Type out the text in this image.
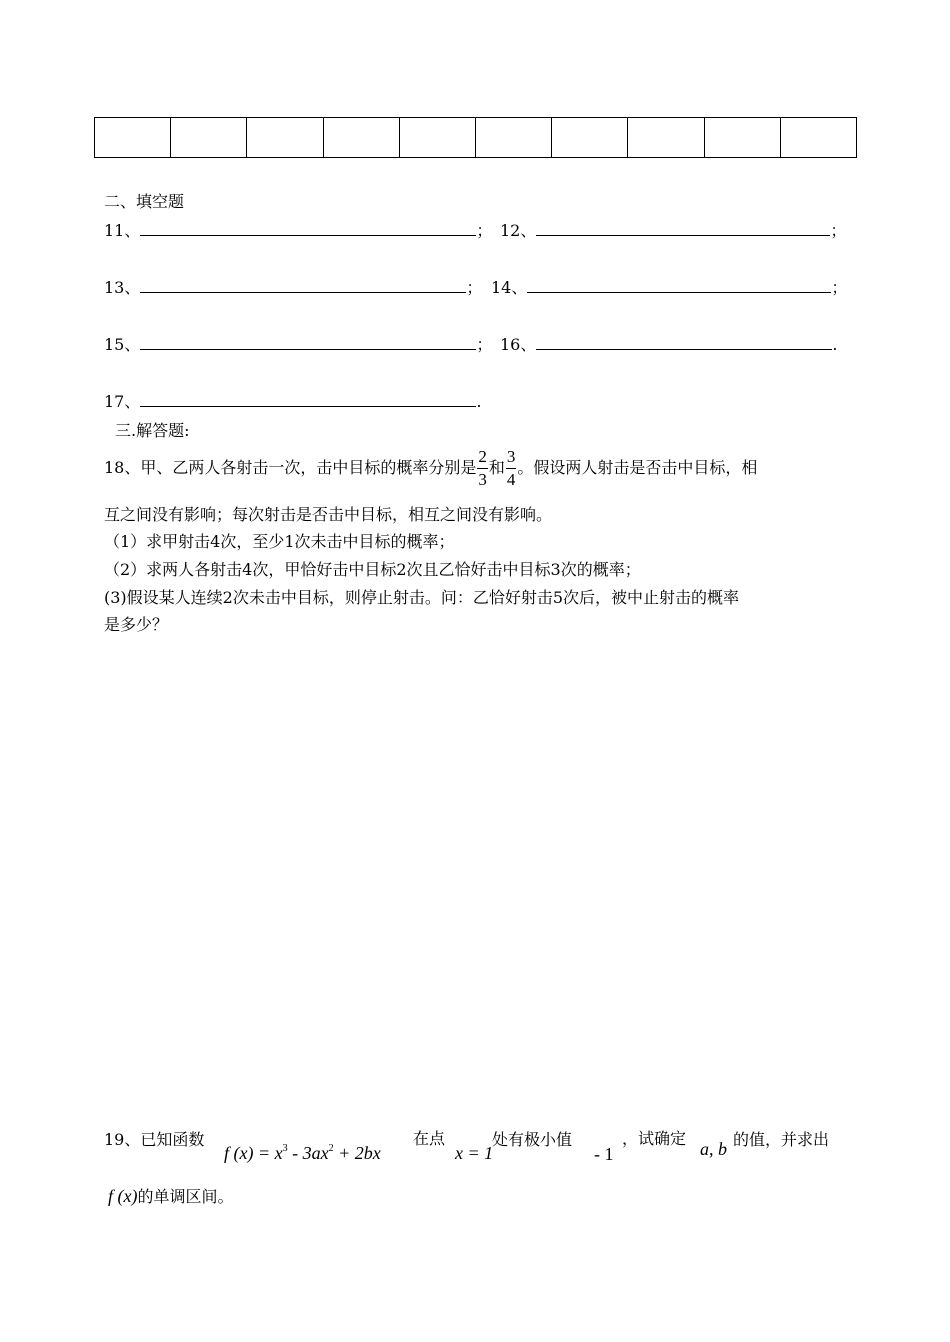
二、填空题
11、	； 12、	；
13、	； 14、	；
15、	； 16、	.
17、	.
三.解答题:
18、甲、乙两人各射击一次，击中目标的概率分别是 $\frac{2}{3}$ 和 $\frac{3}{4}$ 。假设两人射击是否击中目标，相
互之间没有影响；每次射击是否击中目标，相互之间没有影响。
（1）求甲射击4次，至少1次未击中目标的概率；
（2）求两人各射击4次，甲恰好击中目标2次且乙恰好击中目标3次的概率；
(3)假设某人连续2次未击中目标，则停止射击。问：乙恰好射击5次后，被中止射击的概率
是多少？
19、已知函数
f $(x) = x^3 - 3ax^2 + 2bx$
在点
x = 1
处有极小值
- 1
，试确定
a, b 的值，并求出
f (x)的单调区间。
